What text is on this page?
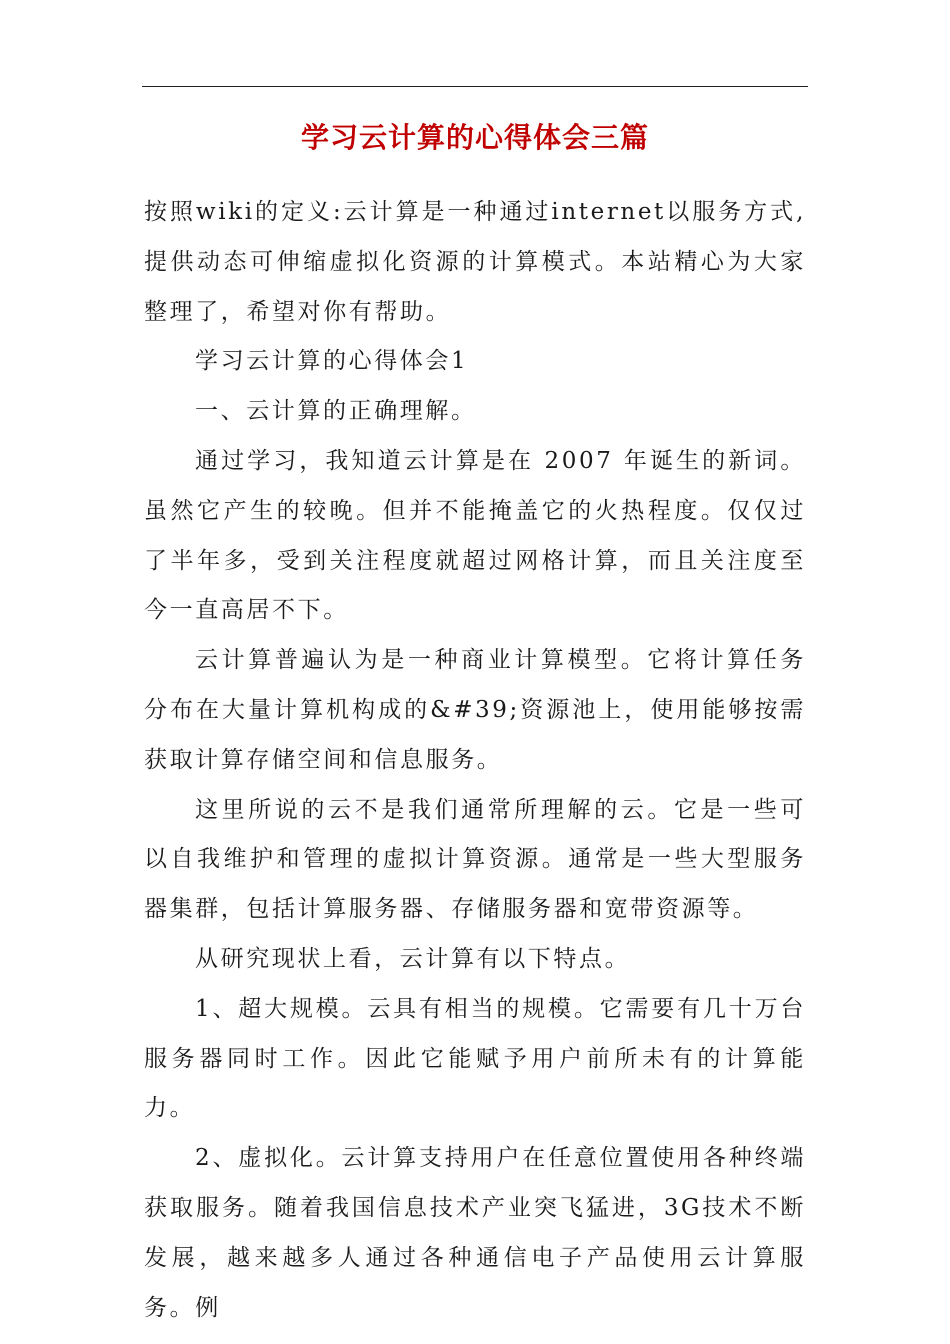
学习云计算的心得体会三篇

按照wiki的定义:云计算是一种通过internet以服务方式,提供动态可伸缩虚拟化资源的计算模式。本站精心为大家整理了，希望对你有帮助。

学习云计算的心得体会1

一、云计算的正确理解。

通过学习，我知道云计算是在 2007 年诞生的新词。虽然它产生的较晚。但并不能掩盖它的火热程度。仅仅过了半年多，受到关注程度就超过网格计算，而且关注度至今一直高居不下。

云计算普遍认为是一种商业计算模型。它将计算任务分布在大量计算机构成的&#39;资源池上，使用能够按需获取计算存储空间和信息服务。

这里所说的云不是我们通常所理解的云。它是一些可以自我维护和管理的虚拟计算资源。通常是一些大型服务器集群，包括计算服务器、存储服务器和宽带资源等。

从研究现状上看，云计算有以下特点。

1、超大规模。云具有相当的规模。它需要有几十万台服务器同时工作。因此它能赋予用户前所未有的计算能力。

2、虚拟化。云计算支持用户在任意位置使用各种终端获取服务。随着我国信息技术产业突飞猛进，3G技术不断发展，越来越多人通过各种通信电子产品使用云计算服务。例
